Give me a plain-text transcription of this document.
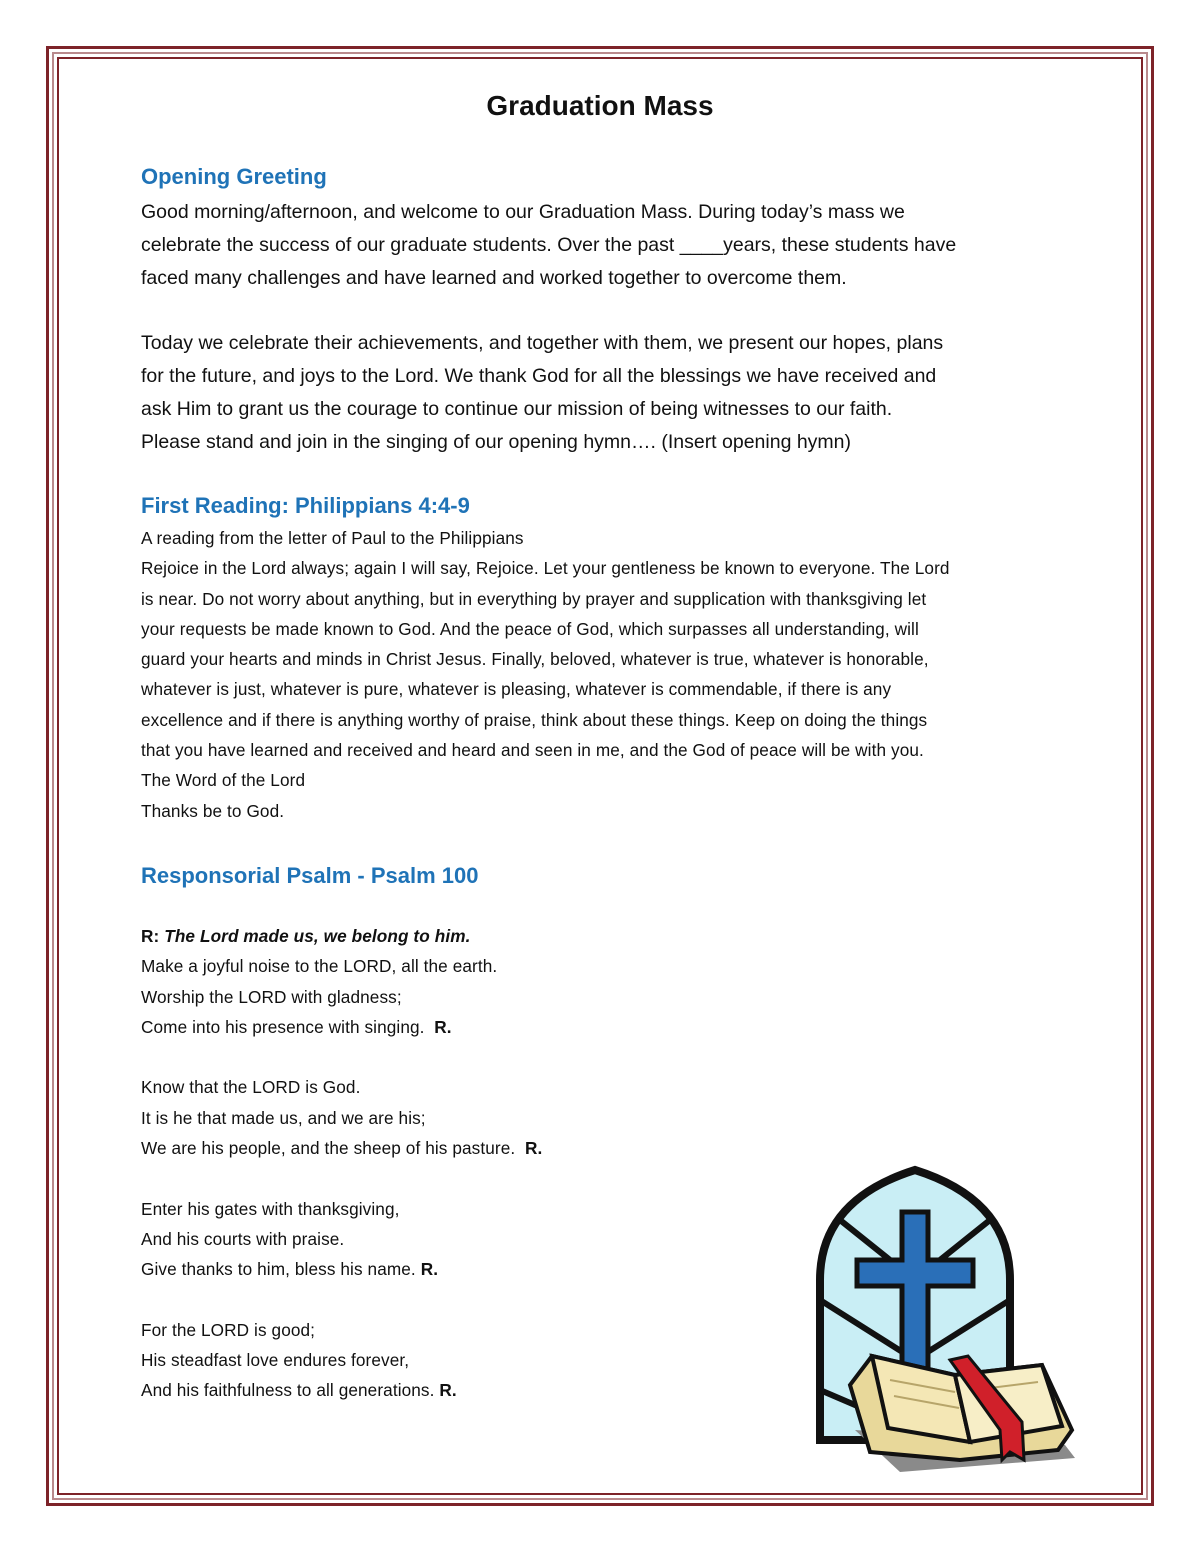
Graduation Mass
Opening Greeting

Good morning/afternoon, and welcome to our Graduation Mass. During today’s mass we

celebrate the success of our graduate students. Over the past ____years, these students have

faced many challenges and have learned and worked together to overcome them.

Today we celebrate their achievements, and together with them, we present our hopes, plans

for the future, and joys to the Lord. We thank God for all the blessings we have received and

ask Him to grant us the courage to continue our mission of being witnesses to our faith.

Please stand and join in the singing of our opening hymn…. (Insert opening hymn)

First Reading: Philippians 4:4-9

A reading from the letter of Paul to the Philippians

Rejoice in the Lord always; again I will say, Rejoice. Let your gentleness be known to everyone. The Lord

is near. Do not worry about anything, but in everything by prayer and supplication with thanksgiving let

your requests be made known to God. And the peace of God, which surpasses all understanding, will

guard your hearts and minds in Christ Jesus. Finally, beloved, whatever is true, whatever is honorable,

whatever is just, whatever is pure, whatever is pleasing, whatever is commendable, if there is any

excellence and if there is anything worthy of praise, think about these things. Keep on doing the things

that you have learned and received and heard and seen in me, and the God of peace will be with you.

The Word of the Lord

Thanks be to God.

Responsorial Psalm - Psalm 100

R: The Lord made us, we belong to him.

Make a joyful noise to the LORD, all the earth.

Worship the LORD with gladness;

Come into his presence with singing. R.

Know that the LORD is God.

It is he that made us, and we are his;

We are his people, and the sheep of his pasture. R.

Enter his gates with thanksgiving,

And his courts with praise.

Give thanks to him, bless his name. R.

For the LORD is good;

His steadfast love endures forever,

And his faithfulness to all generations. R.
